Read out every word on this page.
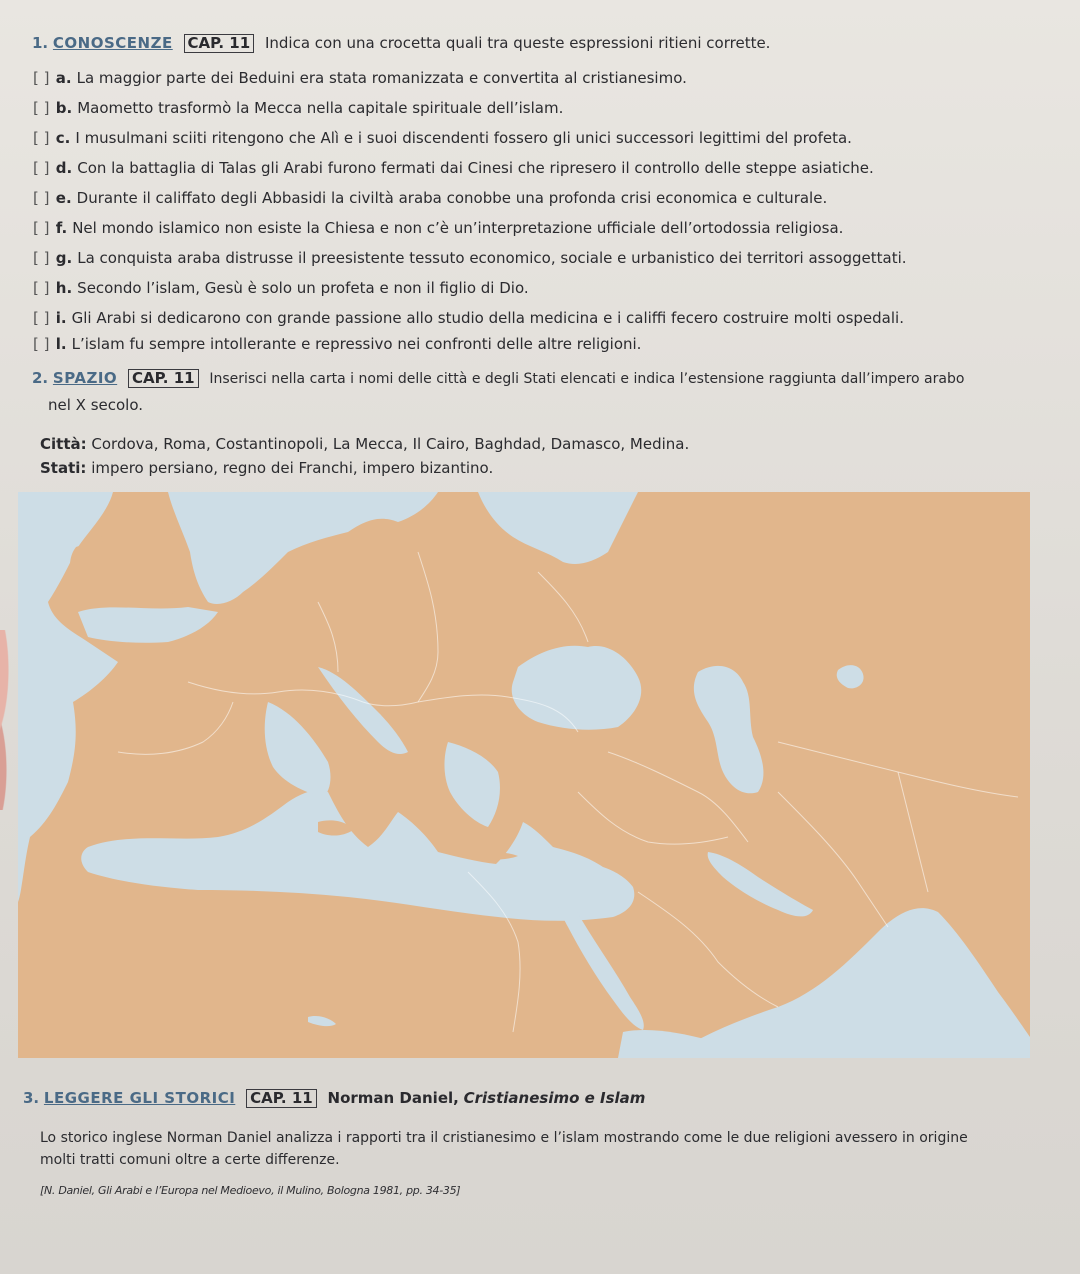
1. CONOSCENZE CAP. 11 Indica con una crocetta quali tra queste espressioni ritieni corrette.
[ ] a. La maggior parte dei Beduini era stata romanizzata e convertita al cristianesimo.
[ ] b. Maometto trasformò la Mecca nella capitale spirituale dell’islam.
[ ] c. I musulmani sciiti ritengono che Alì e i suoi discendenti fossero gli unici successori legittimi del profeta.
[ ] d. Con la battaglia di Talas gli Arabi furono fermati dai Cinesi che ripresero il controllo delle steppe asiatiche.
[ ] e. Durante il califfato degli Abbasidi la civiltà araba conobbe una profonda crisi economica e culturale.
[ ] f. Nel mondo islamico non esiste la Chiesa e non c’è un’interpretazione ufficiale dell’ortodossia religiosa.
[ ] g. La conquista araba distrusse il preesistente tessuto economico, sociale e urbanistico dei territori assoggettati.
[ ] h. Secondo l’islam, Gesù è solo un profeta e non il figlio di Dio.
[ ] i. Gli Arabi si dedicarono con grande passione allo studio della medicina e i califfi fecero costruire molti ospedali.
[ ] l. L’islam fu sempre intollerante e repressivo nei confronti delle altre religioni.
2. SPAZIO CAP. 11 Inserisci nella carta i nomi delle città e degli Stati elencati e indica l’estensione raggiunta dall’impero arabo
nel X secolo.
Città: Cordova, Roma, Costantinopoli, La Mecca, Il Cairo, Baghdad, Damasco, Medina.
Stati: impero persiano, regno dei Franchi, impero bizantino.
3. LEGGERE GLI STORICI CAP. 11 Norman Daniel, Cristianesimo e Islam
Lo storico inglese Norman Daniel analizza i rapporti tra il cristianesimo e l’islam mostrando come le due religioni avessero in origine
molti tratti comuni oltre a certe differenze.
[N. Daniel, Gli Arabi e l’Europa nel Medioevo, il Mulino, Bologna 1981, pp. 34-35]
